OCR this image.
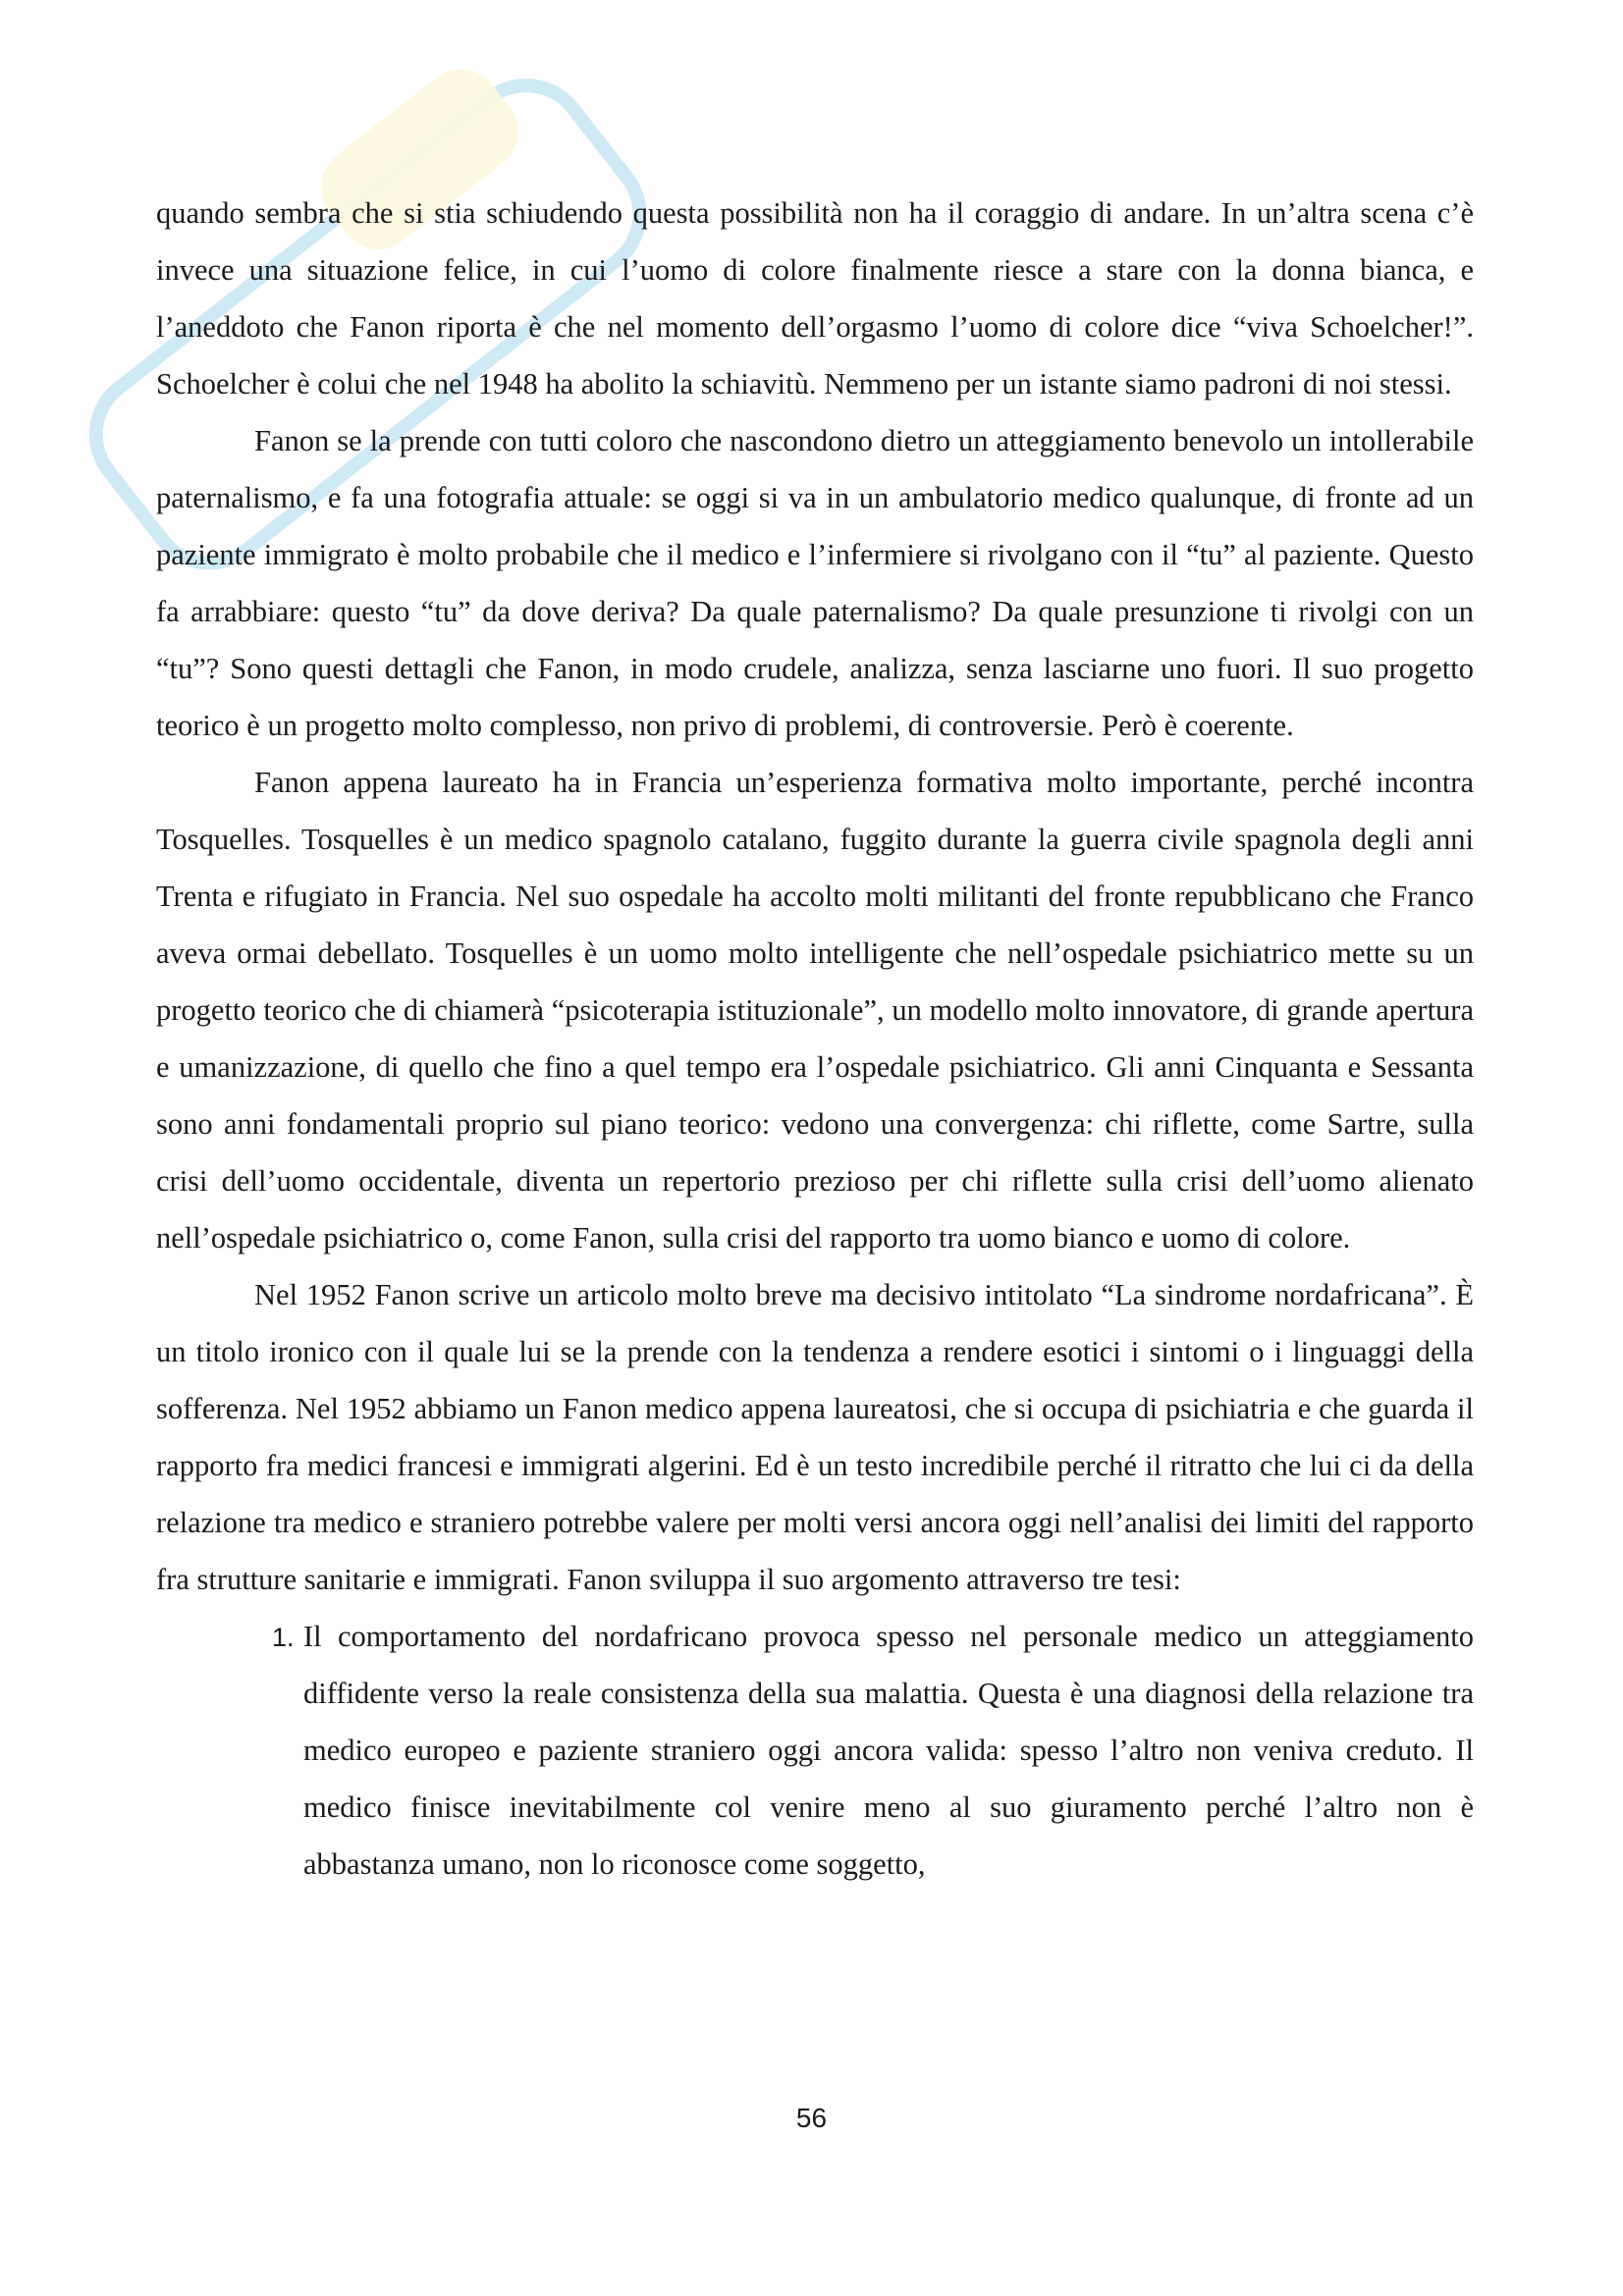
quando sembra che si stia schiudendo questa possibilità non ha il coraggio di andare. In un’altra scena c’è invece una situazione felice, in cui l’uomo di colore finalmente riesce a stare con la donna bianca, e l’aneddoto che Fanon riporta è che nel momento dell’orgasmo l’uomo di colore dice “viva Schoelcher!”. Schoelcher è colui che nel 1948 ha abolito la schiavitù. Nemmeno per un istante siamo padroni di noi stessi.

Fanon se la prende con tutti coloro che nascondono dietro un atteggiamento benevolo un intollerabile paternalismo, e fa una fotografia attuale: se oggi si va in un ambulatorio medico qualunque, di fronte ad un paziente immigrato è molto probabile che il medico e l’infermiere si rivolgano con il “tu” al paziente. Questo fa arrabbiare: questo “tu” da dove deriva? Da quale paternalismo? Da quale presunzione ti rivolgi con un “tu”? Sono questi dettagli che Fanon, in modo crudele, analizza, senza lasciarne uno fuori. Il suo progetto teorico è un progetto molto complesso, non privo di problemi, di controversie. Però è coerente.

Fanon appena laureato ha in Francia un’esperienza formativa molto importante, perché incontra Tosquelles. Tosquelles è un medico spagnolo catalano, fuggito durante la guerra civile spagnola degli anni Trenta e rifugiato in Francia. Nel suo ospedale ha accolto molti militanti del fronte repubblicano che Franco aveva ormai debellato. Tosquelles è un uomo molto intelligente che nell’ospedale psichiatrico mette su un progetto teorico che di chiamerà “psicoterapia istituzionale”, un modello molto innovatore, di grande apertura e umanizzazione, di quello che fino a quel tempo era l’ospedale psichiatrico. Gli anni Cinquanta e Sessanta sono anni fondamentali proprio sul piano teorico: vedono una convergenza: chi riflette, come Sartre, sulla crisi dell’uomo occidentale, diventa un repertorio prezioso per chi riflette sulla crisi dell’uomo alienato nell’ospedale psichiatrico o, come Fanon, sulla crisi del rapporto tra uomo bianco e uomo di colore.

Nel 1952 Fanon scrive un articolo molto breve ma decisivo intitolato “La sindrome nordafricana”. È un titolo ironico con il quale lui se la prende con la tendenza a rendere esotici i sintomi o i linguaggi della sofferenza. Nel 1952 abbiamo un Fanon medico appena laureatosi, che si occupa di psichiatria e che guarda il rapporto fra medici francesi e immigrati algerini. Ed è un testo incredibile perché il ritratto che lui ci da della relazione tra medico e straniero potrebbe valere per molti versi ancora oggi nell’analisi dei limiti del rapporto fra strutture sanitarie e immigrati. Fanon sviluppa il suo argomento attraverso tre tesi:

1. Il comportamento del nordafricano provoca spesso nel personale medico un atteggiamento diffidente verso la reale consistenza della sua malattia. Questa è una diagnosi della relazione tra medico europeo e paziente straniero oggi ancora valida: spesso l’altro non veniva creduto. Il medico finisce inevitabilmente col venire meno al suo giuramento perché l’altro non è abbastanza umano, non lo riconosce come soggetto,
56
